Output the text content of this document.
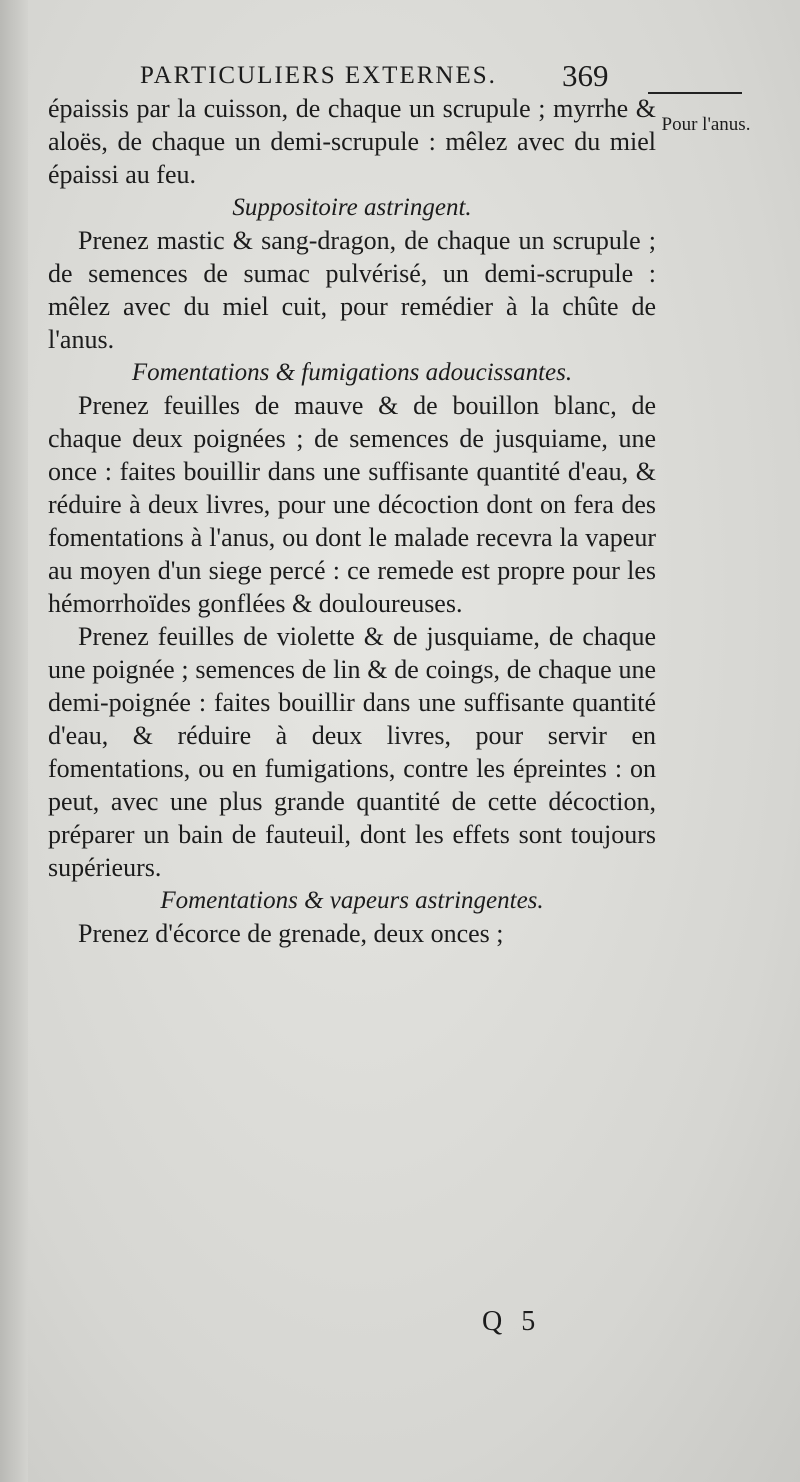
PARTICULIERS EXTERNES. 369
Pour l'anus.

épaissis par la cuisson, de chaque un scrupule ; myrrhe & aloës, de chaque un demi-scrupule : mêlez avec du miel épaissi au feu.

Suppositoire astringent.

Prenez mastic & sang-dragon, de chaque un scrupule ; de semences de sumac pulvérisé, un demi-scrupule : mêlez avec du miel cuit, pour remédier à la chûte de l'anus.

Fomentations & fumigations adoucissantes.

Prenez feuilles de mauve & de bouillon blanc, de chaque deux poignées ; de semences de jusquiame, une once : faites bouillir dans une suffisante quantité d'eau, & réduire à deux livres, pour une décoction dont on fera des fomentations à l'anus, ou dont le malade recevra la vapeur au moyen d'un siege percé : ce remede est propre pour les hémorrhoïdes gonflées & douloureuses.

Prenez feuilles de violette & de jusquiame, de chaque une poignée ; semences de lin & de coings, de chaque une demi-poignée : faites bouillir dans une suffisante quantité d'eau, & réduire à deux livres, pour servir en fomentations, ou en fumigations, contre les épreintes : on peut, avec une plus grande quantité de cette décoction, préparer un bain de fauteuil, dont les effets sont toujours supérieurs.

Fomentations & vapeurs astringentes.

Prenez d'écorce de grenade, deux onces ;

Q 5
